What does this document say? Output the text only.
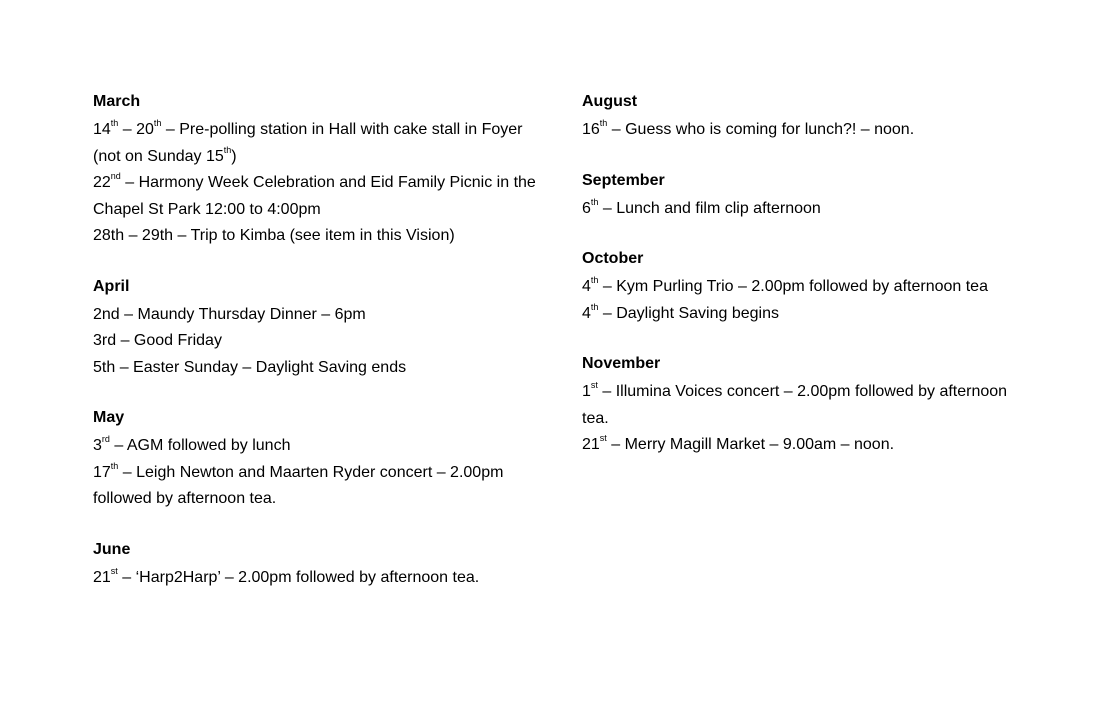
March
14th – 20th – Pre-polling station in Hall with cake stall in Foyer (not on Sunday 15th)
22nd – Harmony Week Celebration and Eid Family Picnic in the Chapel St Park 12:00 to 4:00pm
28th – 29th – Trip to Kimba (see item in this Vision)
April
2nd – Maundy Thursday Dinner – 6pm
3rd – Good Friday
5th – Easter Sunday – Daylight Saving ends
May
3rd – AGM followed by lunch
17th – Leigh Newton and Maarten Ryder concert – 2.00pm followed by afternoon tea.
June
21st – ‘Harp2Harp’ – 2.00pm followed by afternoon tea.
August
16th – Guess who is coming for lunch?! – noon.
September
6th – Lunch and film clip afternoon
October
4th – Kym Purling Trio – 2.00pm followed by afternoon tea
4th – Daylight Saving begins
November
1st – Illumina Voices concert – 2.00pm followed by afternoon tea.
21st – Merry Magill Market – 9.00am – noon.
